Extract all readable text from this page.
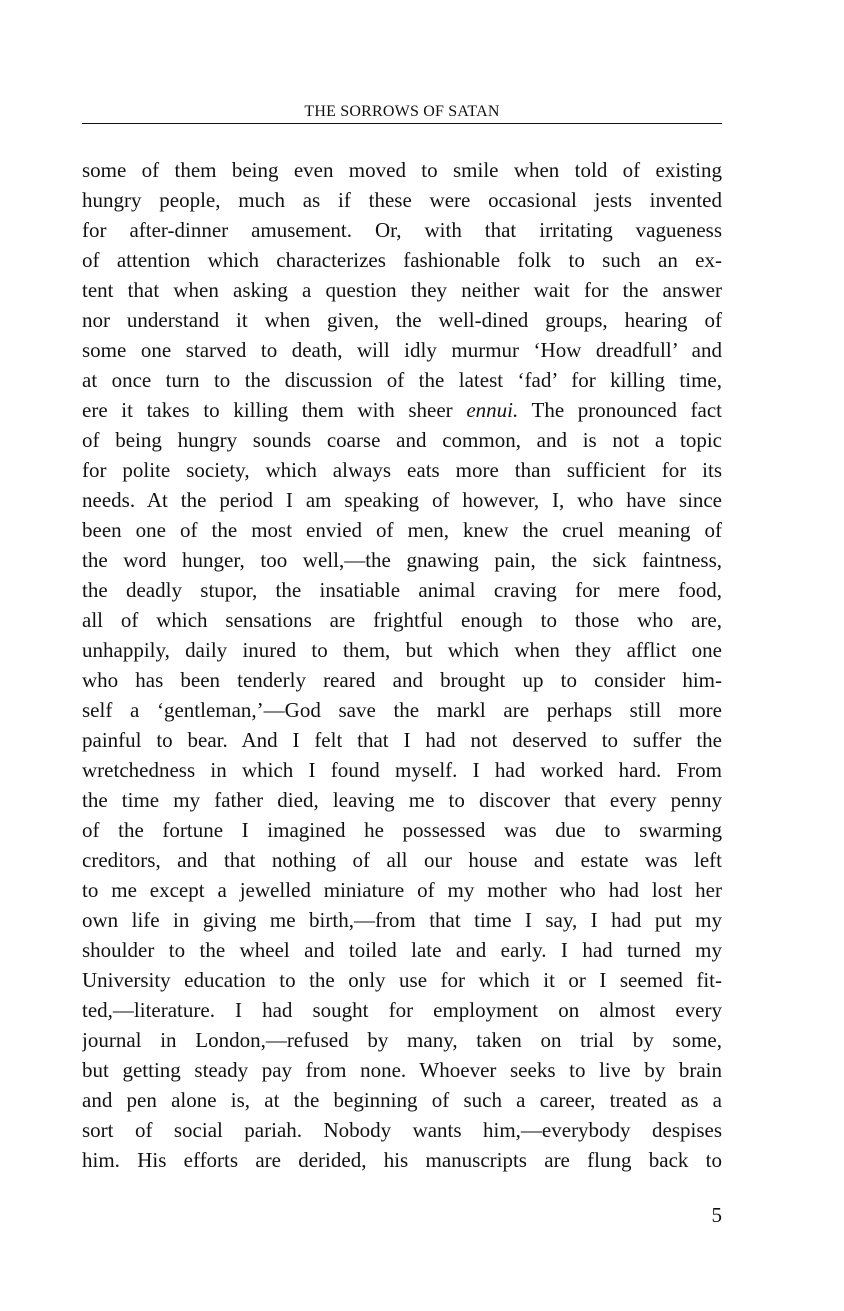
THE SORROWS OF SATAN
some of them being even moved to smile when told of existing
hungry people, much as if these were occasional jests invented
for after-dinner amusement. Or, with that irritating vagueness
of attention which characterizes fashionable folk to such an ex-
tent that when asking a question they neither wait for the answer
nor understand it when given, the well-dined groups, hearing of
some one starved to death, will idly murmur ‘How dreadfull’ and
at once turn to the discussion of the latest ‘fad’ for killing time,
ere it takes to killing them with sheer ennui. The pronounced fact
of being hungry sounds coarse and common, and is not a topic
for polite society, which always eats more than sufficient for its
needs. At the period I am speaking of however, I, who have since
been one of the most envied of men, knew the cruel meaning of
the word hunger, too well,—the gnawing pain, the sick faintness,
the deadly stupor, the insatiable animal craving for mere food,
all of which sensations are frightful enough to those who are,
unhappily, daily inured to them, but which when they afflict one
who has been tenderly reared and brought up to consider him-
self a ‘gentleman,’—God save the markl are perhaps still more
painful to bear. And I felt that I had not deserved to suffer the
wretchedness in which I found myself. I had worked hard. From
the time my father died, leaving me to discover that every penny
of the fortune I imagined he possessed was due to swarming
creditors, and that nothing of all our house and estate was left
to me except a jewelled miniature of my mother who had lost her
own life in giving me birth,—from that time I say, I had put my
shoulder to the wheel and toiled late and early. I had turned my
University education to the only use for which it or I seemed fit-
ted,—literature. I had sought for employment on almost every
journal in London,—refused by many, taken on trial by some,
but getting steady pay from none. Whoever seeks to live by brain
and pen alone is, at the beginning of such a career, treated as a
sort of social pariah. Nobody wants him,—everybody despises
him. His efforts are derided, his manuscripts are flung back to
5
